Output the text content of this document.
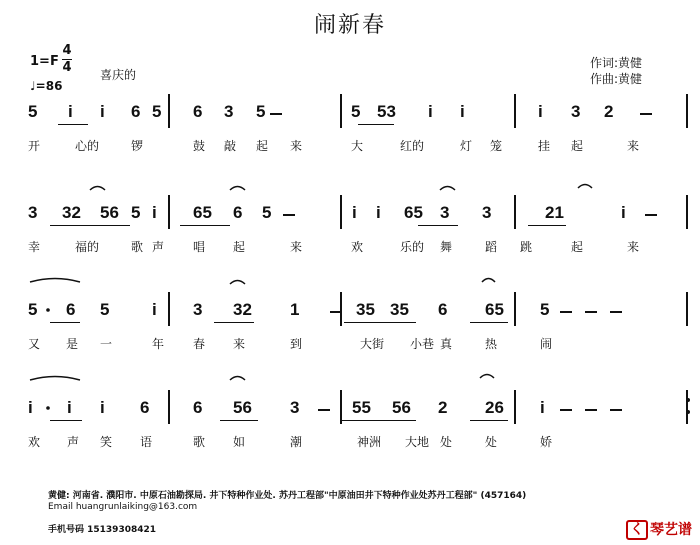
闹新春
1=F
4
4
♩=86
喜庆的
作词:黄健
作曲:黄健
5 i i 6 5 6 3 5	5 53 i i	i 3 2
开	心的	锣	鼓 敲 起 来	大	红的	灯 笼	挂 起	来
3 32 56 5 i 65 6 5	i i 65 3 3	21	i
幸	福的	歌 声 唱 起	来	欢	乐的 舞	蹈 跳	起	来
5 6 5	i 3 32 1	35 35 6 65 5
又 是 一	年 春 来	到	大街 小巷 真	热	闹
i i i 6	6 56 3	55 56 2 26 i
欢 声 笑 语	歌 如	潮	神洲 大地 处	处	娇
黄健: 河南省. 濮阳市. 中原石油勘探局. 井下特种作业处. 苏丹工程部"中原油田井下特种作业处苏丹工程部" (457164)
Email huangrunlaiking@163.com
手机号码 15139308421	く 琴艺谱
